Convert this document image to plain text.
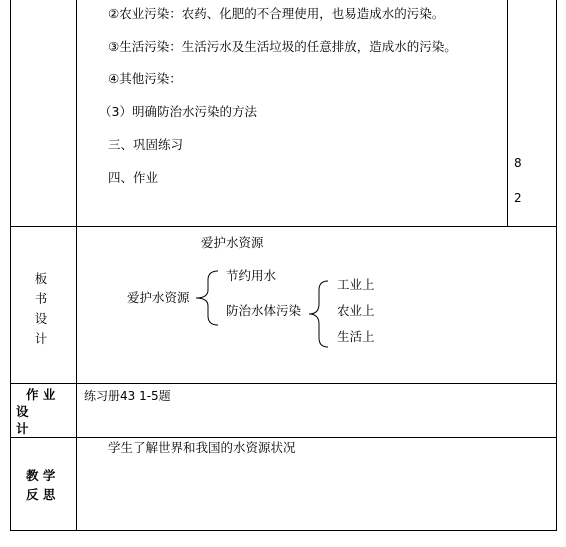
②农业污染：农药、化肥的不合理使用，也易造成水的污染。
③生活污染：生活污水及生活垃圾的任意排放，造成水的污染。
④其他污染：
（3）明确防治水污染的方法
三、巩固练习
四、作业
8
2
板
书
设
计
爱护水资源
爱护水资源
节约用水
防治水体污染
工业上
农业上
生活上
作 业
设
计
练习册43 1-5题
教 学
反 思
学生了解世界和我国的水资源状况
